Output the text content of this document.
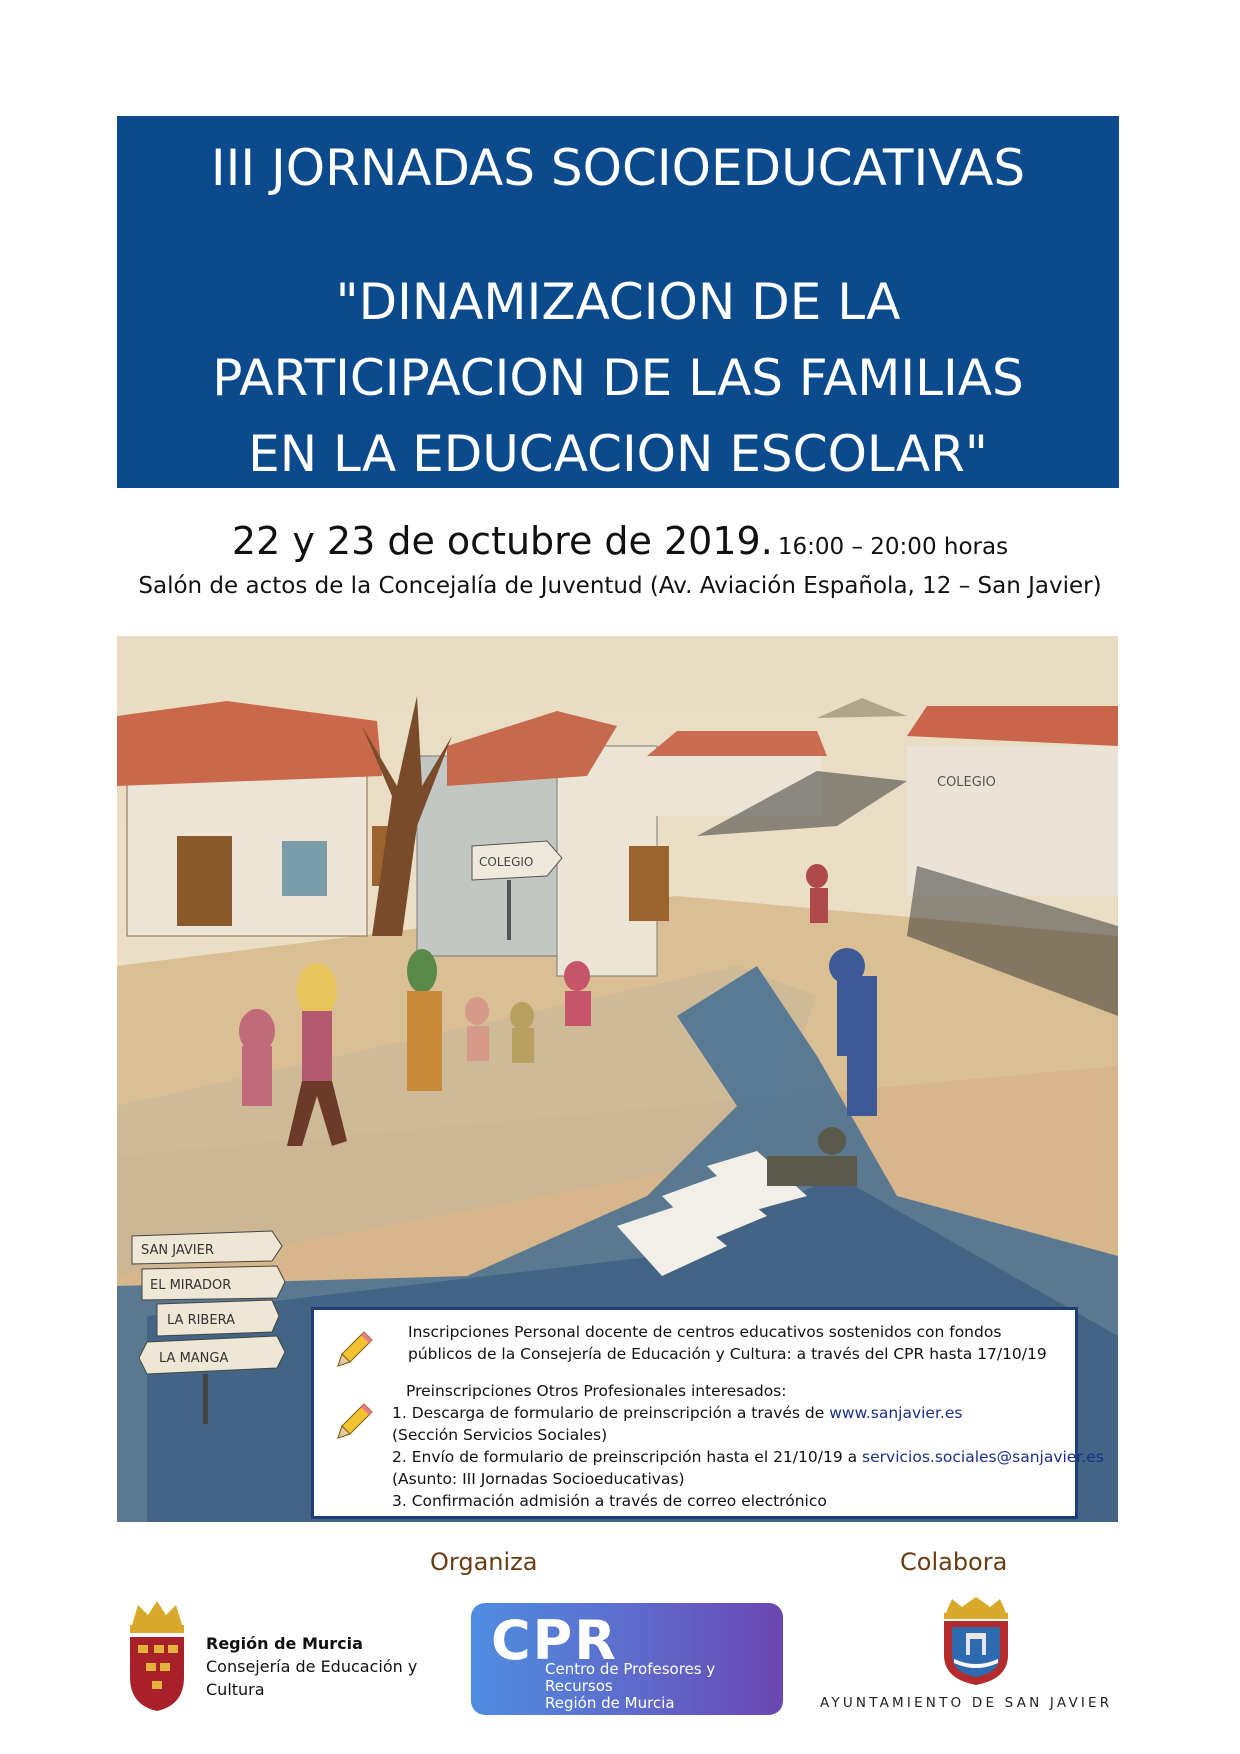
III JORNADAS SOCIOEDUCATIVAS
"DINAMIZACION DE LA
PARTICIPACION DE LAS FAMILIAS
EN LA EDUCACION ESCOLAR"
22 y 23 de octubre de 2019. 16:00 – 20:00 horas
Salón de actos de la Concejalía de Juventud (Av. Aviación Española, 12 – San Javier)
COLEGIO
COLEGIO
SAN JAVIER
EL MIRADOR
LA RIBERA
LA MANGA
Inscripciones Personal docente de centros educativos sostenidos con fondos
públicos de la Consejería de Educación y Cultura: a través del CPR hasta 17/10/19
Preinscripciones Otros Profesionales interesados:
1. Descarga de formulario de preinscripción a través de www.sanjavier.es
(Sección Servicios Sociales)
2. Envío de formulario de preinscripción hasta el 21/10/19 a servicios.sociales@sanjavier.es
(Asunto: III Jornadas Socioeducativas)
3. Confirmación admisión a través de correo electrónico
Organiza	Colabora
Región de Murcia
Consejería de Educación y
Cultura
CPR
Centro de Profesores y Recursos
Región de Murcia	AYUNTAMIENTO DE SAN JAVIER
